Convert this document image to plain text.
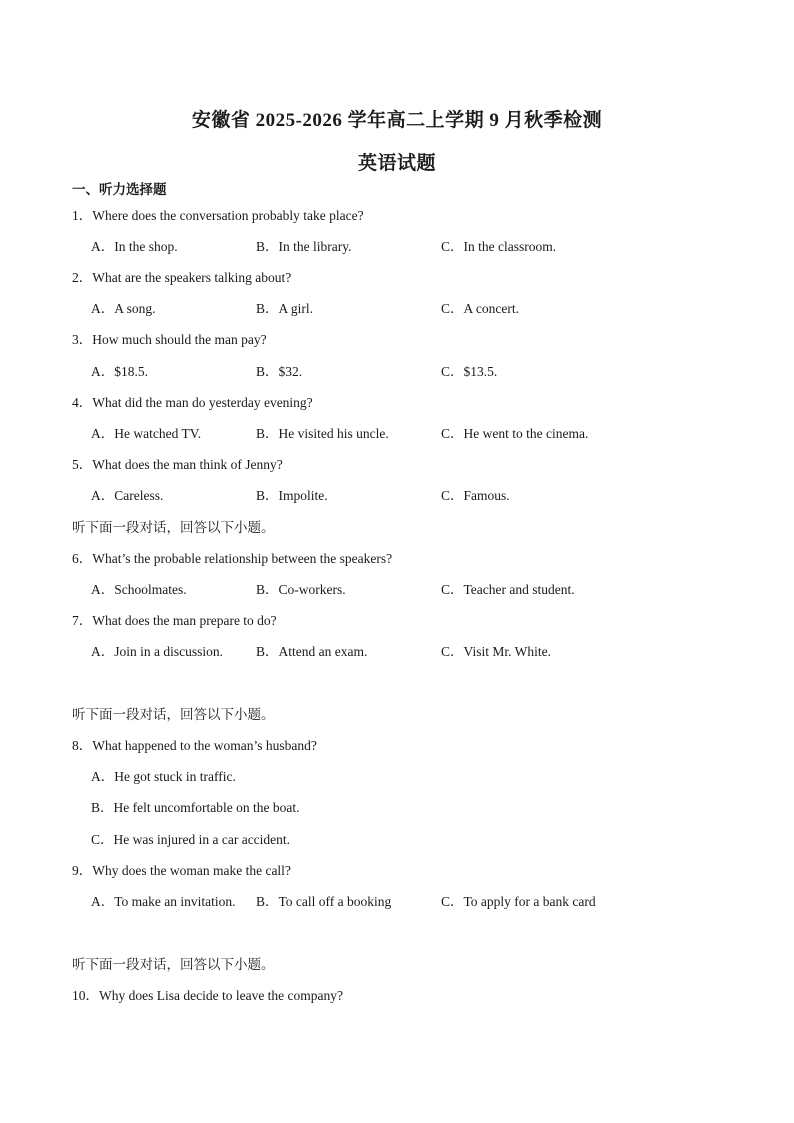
安徽省 2025-2026 学年高二上学期 9 月秋季检测
英语试题
一、听力选择题
1．Where does the conversation probably take place?
A．In the shop.	B．In the library.	C．In the classroom.
2．What are the speakers talking about?
A．A song.	B．A girl.	C．A concert.
3．How much should the man pay?
A．$18.5.	B．$32.	C．$13.5.
4．What did the man do yesterday evening?
A．He watched TV.	B．He visited his uncle.	C．He went to the cinema.
5．What does the man think of Jenny?
A．Careless.	B．Impolite.	C．Famous.
听下面一段对话，回答以下小题。
6．What’s the probable relationship between the speakers?
A．Schoolmates.	B．Co-workers.	C．Teacher and student.
7．What does the man prepare to do?
A．Join in a discussion. B．Attend an exam.	C．Visit Mr. White.
听下面一段对话，回答以下小题。
8．What happened to the woman’s husband?
A．He got stuck in traffic.
B．He felt uncomfortable on the boat.
C．He was injured in a car accident.
9．Why does the woman make the call?
A．To make an invitation. B．To call off a booking	C．To apply for a bank card
听下面一段对话，回答以下小题。
10．Why does Lisa decide to leave the company?
